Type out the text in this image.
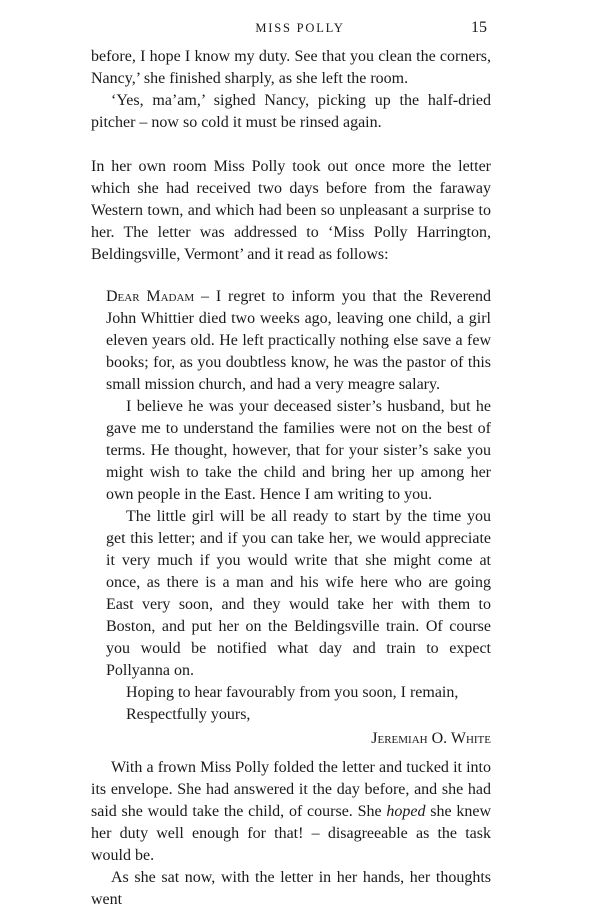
MISS POLLY	15

before, I hope I know my duty. See that you clean the corners, Nancy,’ she finished sharply, as she left the room.

‘Yes, ma’am,’ sighed Nancy, picking up the half-dried pitcher – now so cold it must be rinsed again.

In her own room Miss Polly took out once more the letter which she had received two days before from the faraway Western town, and which had been so unpleasant a surprise to her. The letter was addressed to ‘Miss Polly Harrington, Beldingsville, Vermont’ and it read as follows:

Dear Madam – I regret to inform you that the Reverend John Whittier died two weeks ago, leaving one child, a girl eleven years old. He left practically nothing else save a few books; for, as you doubtless know, he was the pastor of this small mission church, and had a very meagre salary.

I believe he was your deceased sister’s husband, but he gave me to understand the families were not on the best of terms. He thought, however, that for your sister’s sake you might wish to take the child and bring her up among her own people in the East. Hence I am writing to you.

The little girl will be all ready to start by the time you get this letter; and if you can take her, we would appreciate it very much if you would write that she might come at once, as there is a man and his wife here who are going East very soon, and they would take her with them to Boston, and put her on the Beldingsville train. Of course you would be notified what day and train to expect Pollyanna on.

Hoping to hear favourably from you soon, I remain,

Respectfully yours,

Jeremiah O. White

With a frown Miss Polly folded the letter and tucked it into its envelope. She had answered it the day before, and she had said she would take the child, of course. She hoped she knew her duty well enough for that! – disagreeable as the task would be.

As she sat now, with the letter in her hands, her thoughts went
